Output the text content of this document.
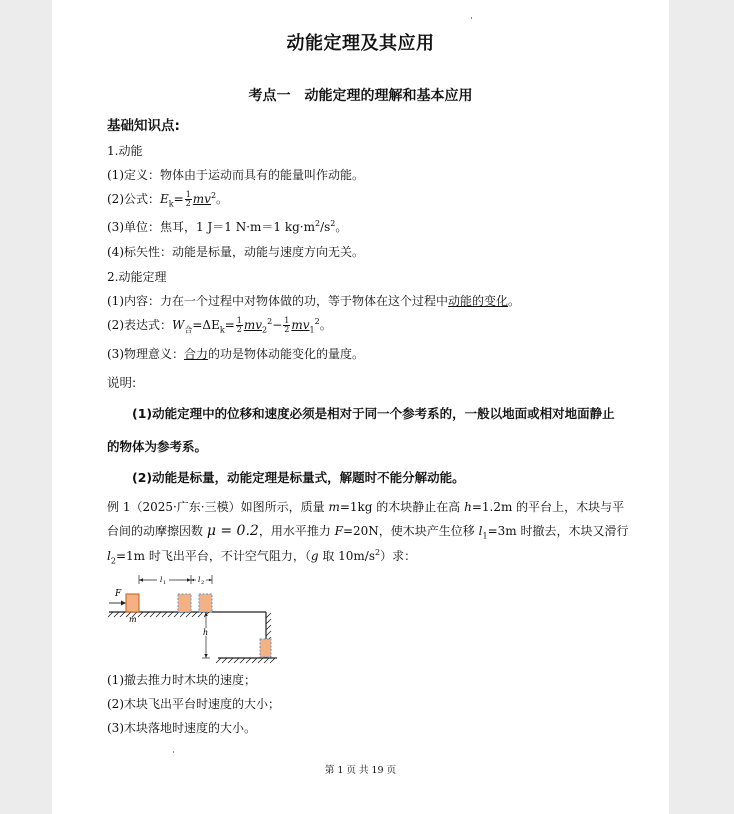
动能定理及其应用
考点一 动能定理的理解和基本应用
基础知识点:
1.动能
(1)定义：物体由于运动而具有的能量叫作动能。
(2)公式：$E_k= \frac{1}{2} mv^2$。
(3)单位：焦耳，1 J＝1 N·m＝1 $kg\cdot m^2/s^2$。
(4)标矢性：动能是标量，动能与速度方向无关。
2.动能定理
(1)内容：力在一个过程中对物体做的功，等于物体在这个过程中动能的变化。
(2)表达式：$W_合=\Delta E_k= \frac{1}{2} mv_2^2- \frac{1}{2} mv_1^2$。
(3)物理意义：合力的功是物体动能变化的量度。
说明:
(1)动能定理中的位移和速度必须是相对于同一个参考系的，一般以地面或相对地面静止
的物体为参考系。
(2)动能是标量，动能定理是标量式，解题时不能分解动能。
例 1（2025·广东·三模）如图所示，质量 m=1kg 的木块静止在高 h=1.2m 的平台上，木块与平
台间的动摩擦因数 μ = 0.2，用水平推力 F=20N，使木块产生位移 $l_1=3m$ 时撤去，木块又滑行
$l_2=1m$ 时飞出平台，不计空气阻力，（g 取 $10m/s^2$）求：
F
m
l 1	l 2
h
(1)撤去推力时木块的速度；
(2)木块飞出平台时速度的大小；
(3)木块落地时速度的大小。
第 1 页 共 19 页
